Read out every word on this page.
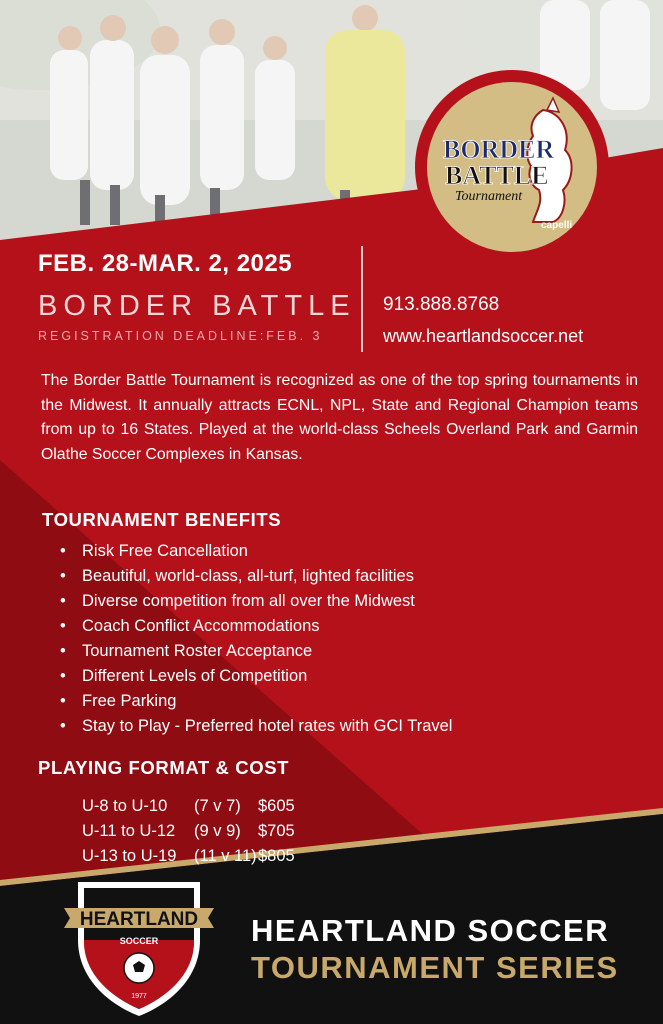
BORDER
BATTLE
Tournament
capelli
FEB. 28-MAR. 2, 2025
BORDER BATTLE
REGISTRATION DEADLINE:FEB. 3
913.888.8768
www.heartlandsoccer.net
The Border Battle Tournament is recognized as one of the top spring tournaments in the Midwest. It annually attracts ECNL, NPL, State and Regional Champion teams from up to 16 States. Played at the world-class Scheels Overland Park and Garmin Olathe Soccer Complexes in Kansas.
TOURNAMENT BENEFITS
• Risk Free Cancellation
• Beautiful, world-class, all-turf, lighted facilities
• Diverse competition from all over the Midwest
• Coach Conflict Accommodations
• Tournament Roster Acceptance
• Different Levels of Competition
• Free Parking
• Stay to Play - Preferred hotel rates with GCI Travel
PLAYING FORMAT & COST
U-8 to U-10 (7 v 7) $605
U-11 to U-12 (9 v 9) $705
U-13 to U-19 (11 v 11) $805
HEARTLAND
SOCCER
1977
HEARTLAND SOCCER
TOURNAMENT SERIES
